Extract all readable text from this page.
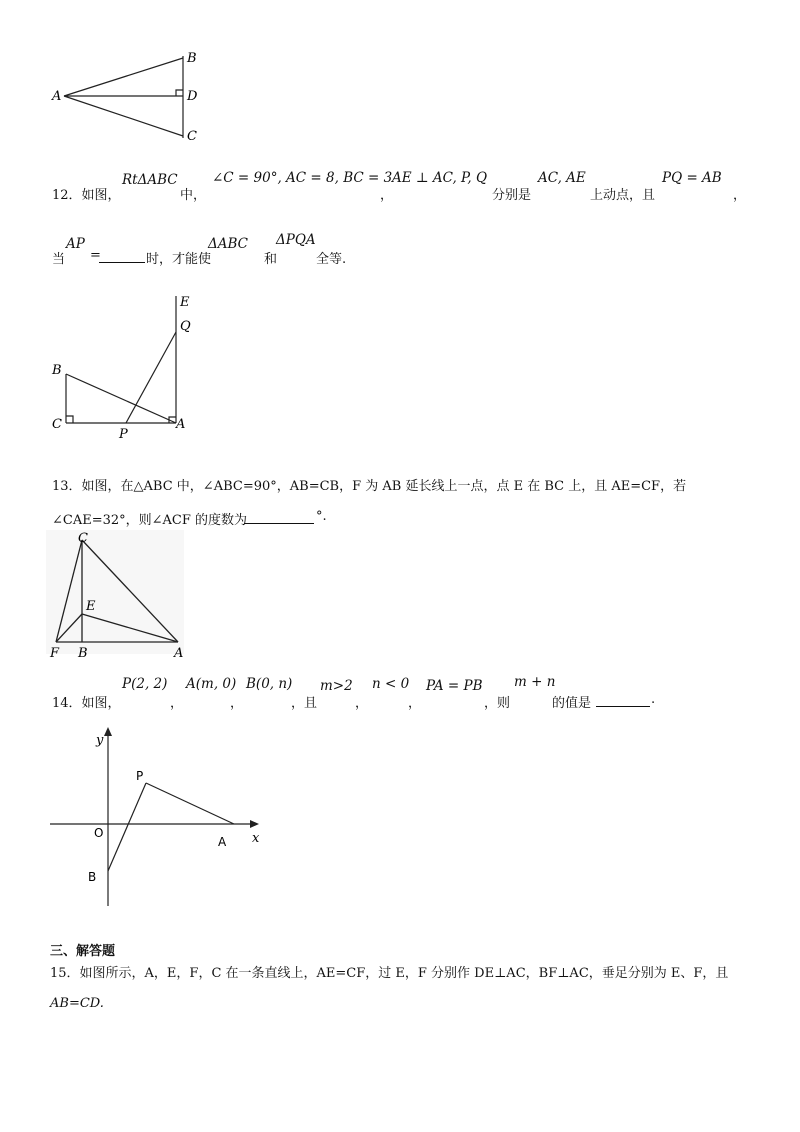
A
B
D
C
12．如图，
RtΔABC
中，
∠C = 90°, AC = 8, BC = 3
，
AE ⊥ AC, P, Q
分别是
AC, AE
上动点，且
PQ = AB
，
当
AP
=	时，才能使
ΔABC
和
ΔPQA
全等.
E
Q
B
C
P
A
13．如图，在△ABC 中，∠ABC=90°，AB=CB，F 为 AB 延长线上一点，点 E 在 BC 上，且 AE=CF，若
∠CAE=32°，则∠ACF 的度数为	°.
C
E
F B	A
14．如图，
P(2, 2)
，
A(m, 0)
，
B(0, n)
，且
m>2
，
n < 0
，
PA = PB
，则
m + n
的值是	.
y
x
O
P
A
B
三、解答题
15．如图所示，A，E，F，C 在一条直线上，AE=CF，过 E，F 分别作 DE⊥AC，BF⊥AC，垂足分别为 E、F，且
AB=CD.
